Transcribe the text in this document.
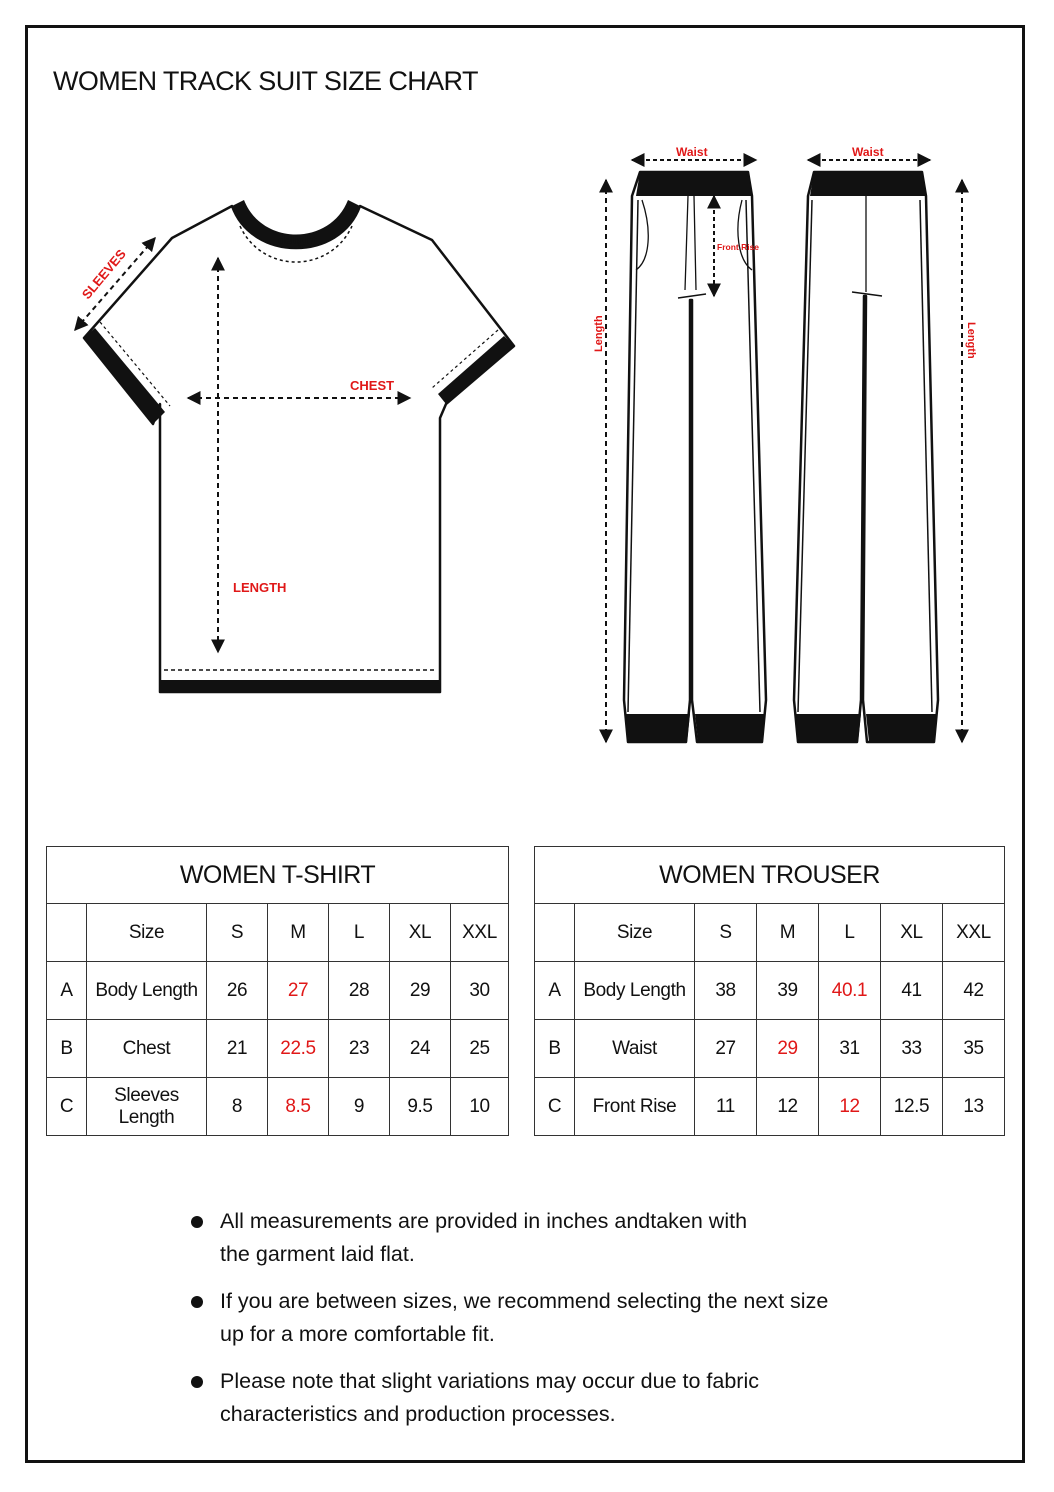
WOMEN TRACK SUIT SIZE CHART
delight
SLEEVES
CHEST
LENGTH
Waist	Waist
Front Rise
Length	Length
WOMEN T-SHIRT						
	Size	S	M	L	XL	XXL
A	Body Length	26	27	28	29	30
B	Chest	21	22.5	23	24	25
C	Sleeves Length	8	8.5	9	9.5	10
WOMEN TROUSER						
	Size	S	M	L	XL	XXL
A	Body Length	38	39	40.1	41	42
B	Waist	27	29	31	33	35
C	Front Rise	11	12	12	12.5	13
All measurements are provided in inches andtaken with
the garment laid flat.
If you are between sizes, we recommend selecting the next size
up for a more comfortable fit.
Please note that slight variations may occur due to fabric
characteristics and production processes.
